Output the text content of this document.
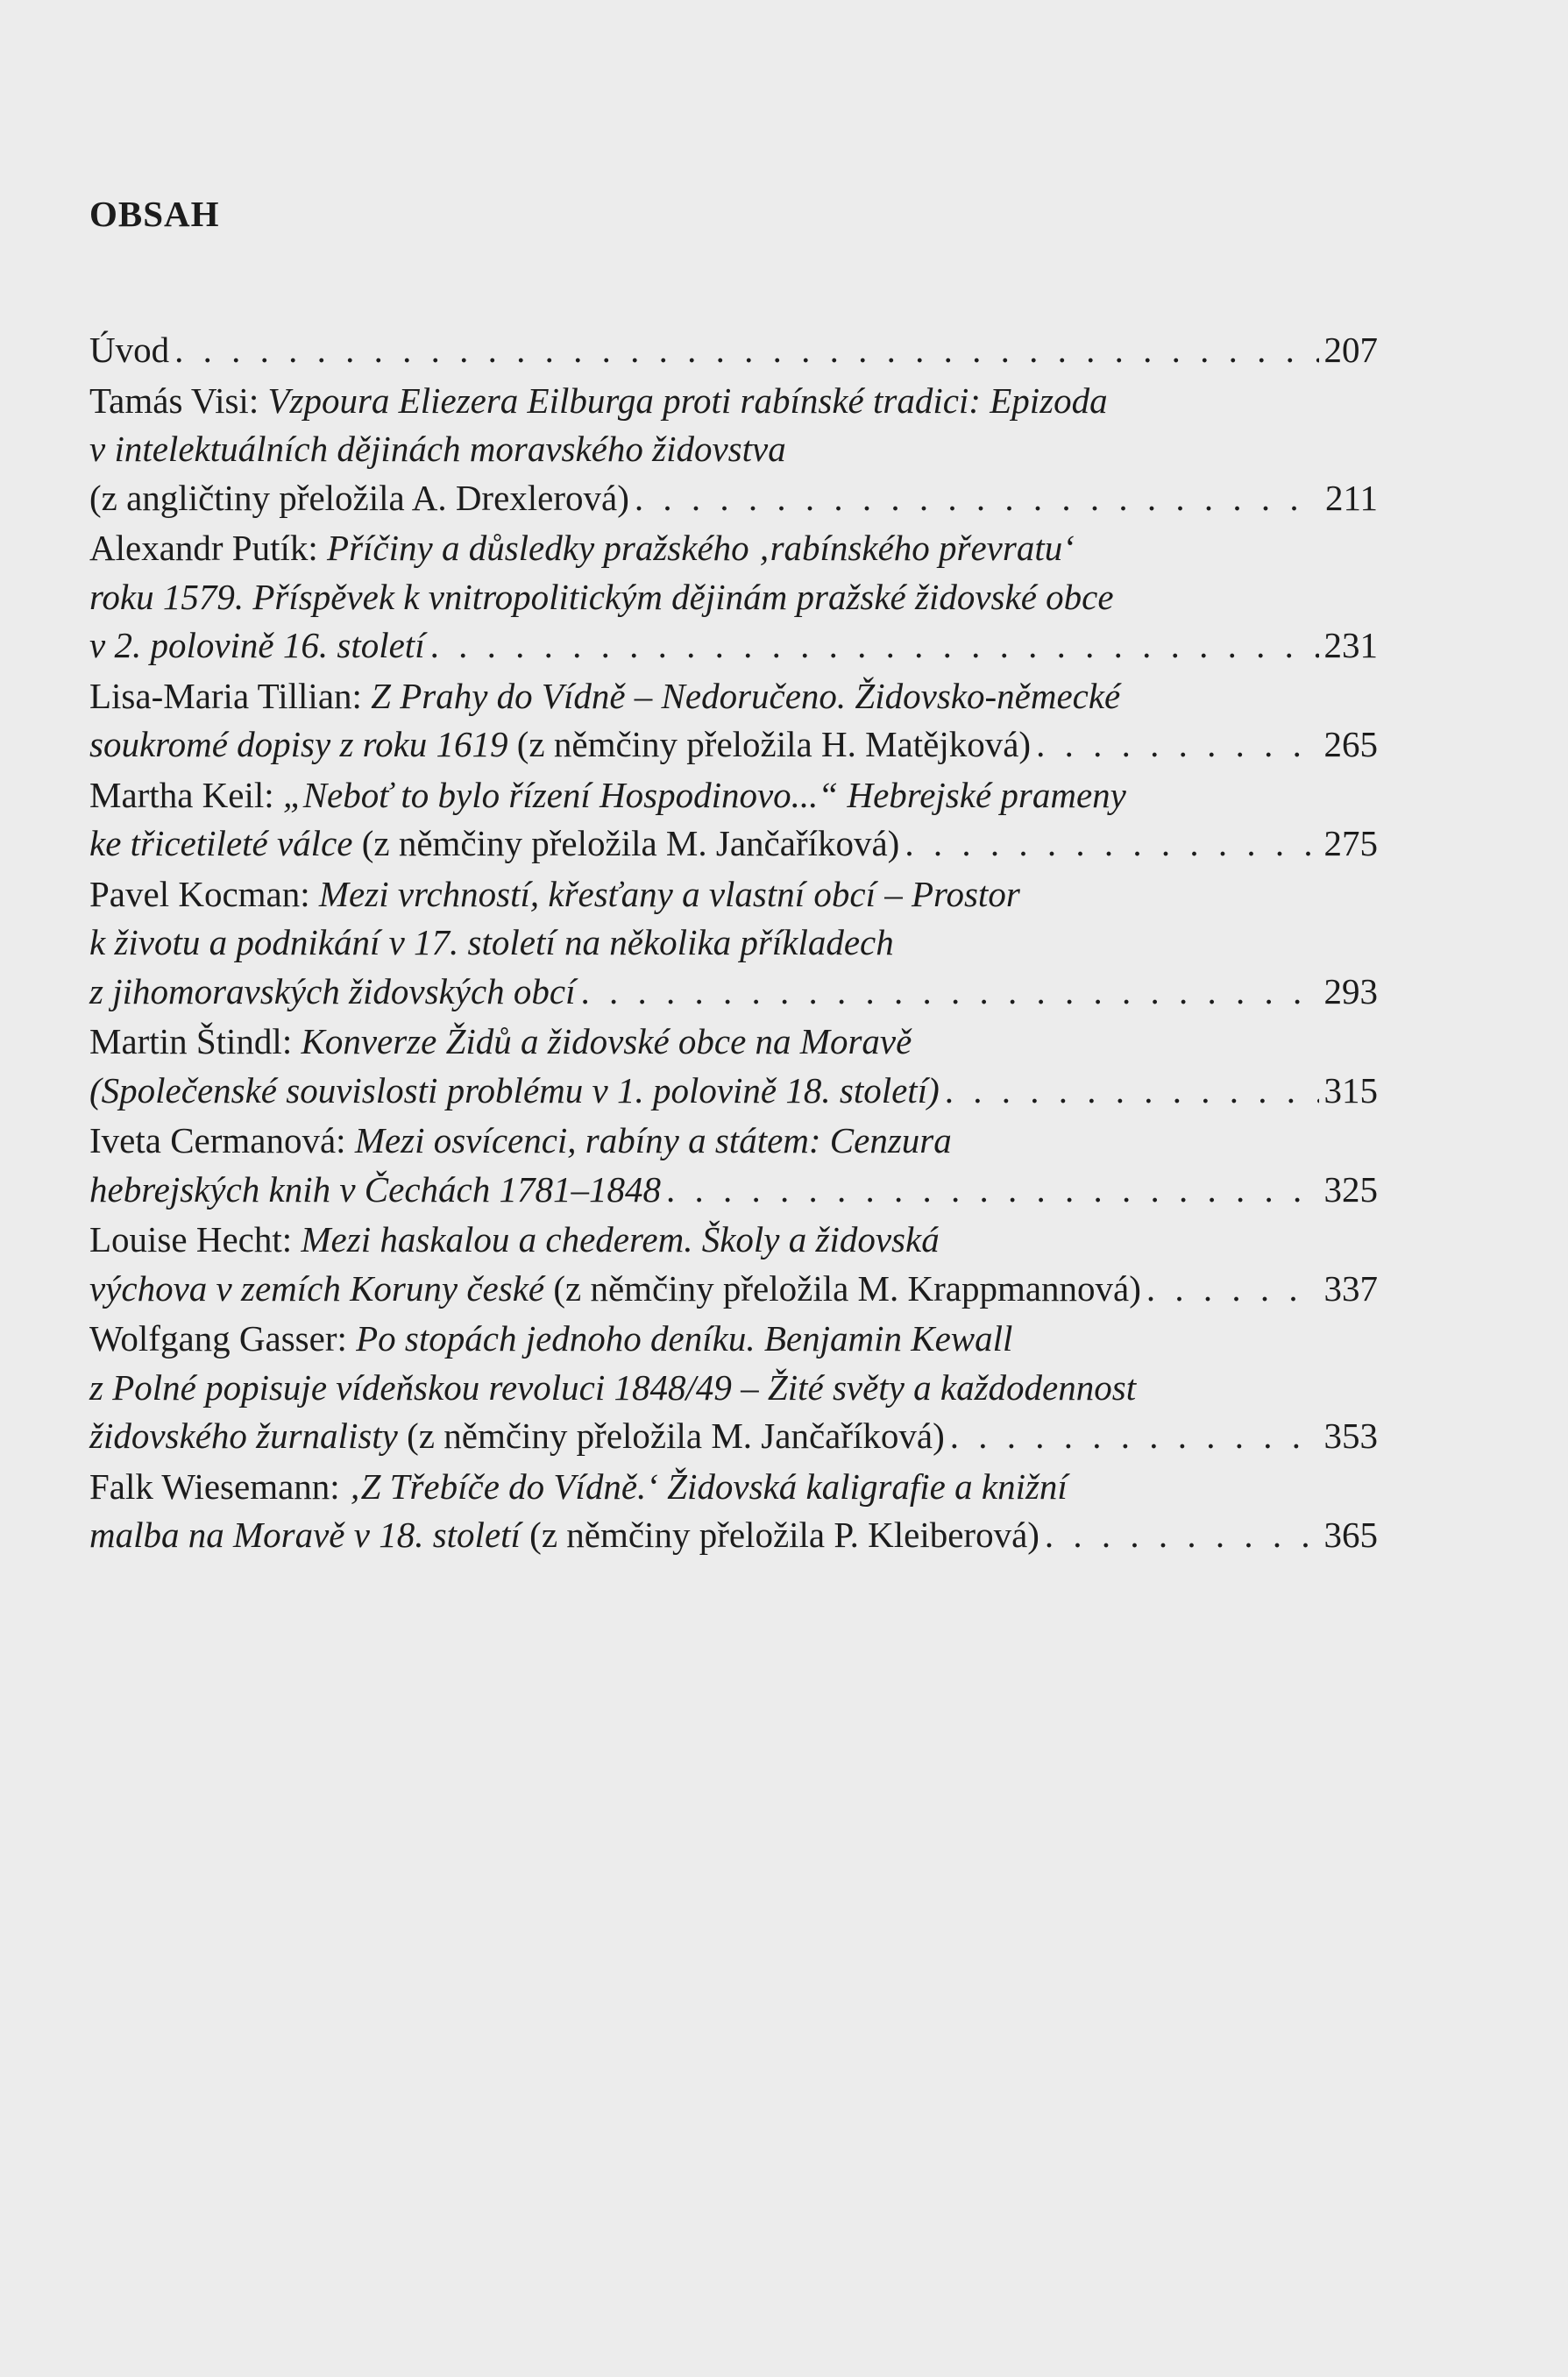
OBSAH
Úvod . . .	207
Tamás Visi: Vzpoura Eliezera Eilburga proti rabínské tradici: Epizoda
v intelektuálních dějinách moravského židovstva
(z angličtiny přeložila A. Drexlerová) . . .	211
Alexandr Putík: Příčiny a důsledky pražského ‚rabínského převratu‘
roku 1579. Příspěvek k vnitropolitickým dějinám pražské židovské obce
v 2. polovině 16. století . . .	231
Lisa-Maria Tillian: Z Prahy do Vídně – Nedoručeno. Židovsko-německé
soukromé dopisy z roku 1619 (z němčiny přeložila H. Matějková) . . .	265
Martha Keil: „Neboť to bylo řízení Hospodinovo...“ Hebrejské prameny
ke třicetileté válce (z němčiny přeložila M. Jančaříková) . . .	275
Pavel Kocman: Mezi vrchností, křesťany a vlastní obcí – Prostor
k životu a podnikání v 17. století na několika příkladech
z jihomoravských židovských obcí . . .	293
Martin Štindl: Konverze Židů a židovské obce na Moravě
(Společenské souvislosti problému v 1. polovině 18. století) . . .	315
Iveta Cermanová: Mezi osvícenci, rabíny a státem: Cenzura
hebrejských knih v Čechách 1781–1848 . . .	325
Louise Hecht: Mezi haskalou a chederem. Školy a židovská
výchova v zemích Koruny české (z němčiny přeložila M. Krappmannová) . . .	337
Wolfgang Gasser: Po stopách jednoho deníku. Benjamin Kewall
z Polné popisuje vídeňskou revoluci 1848/49 – Žité světy a každodennost
židovského žurnalisty (z němčiny přeložila M. Jančaříková) . . .	353
Falk Wiesemann: ‚Z Třebíče do Vídně.‘ Židovská kaligrafie a knižní
malba na Moravě v 18. století (z němčiny přeložila P. Kleiberová) . . .	365
